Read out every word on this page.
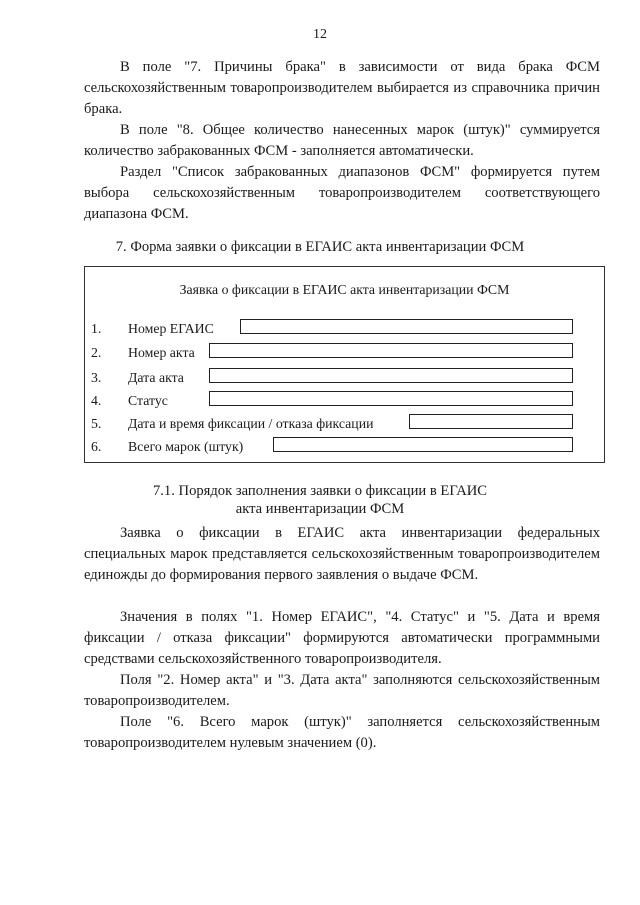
12

В поле "7. Причины брака" в зависимости от вида брака ФСМ сельскохозяйственным товаропроизводителем выбирается из справочника причин брака.

В поле "8. Общее количество нанесенных марок (штук)" суммируется количество забракованных ФСМ - заполняется автоматически.

Раздел "Список забракованных диапазонов ФСМ" формируется путем выбора сельскохозяйственным товаропроизводителем соответствующего диапазона ФСМ.

7. Форма заявки о фиксации в ЕГАИС акта инвентаризации ФСМ
Заявка о фиксации в ЕГАИС акта инвентаризации ФСМ
1. Номер ЕГАИС
2. Номер акта
3. Дата акта
4. Статус
5. Дата и время фиксации / отказа фиксации
6. Всего марок (штук)
7.1. Порядок заполнения заявки о фиксации в ЕГАИС
акта инвентаризации ФСМ

Заявка о фиксации в ЕГАИС акта инвентаризации федеральных специальных марок представляется сельскохозяйственным товаропроизводителем единожды до формирования первого заявления о выдаче ФСМ.

Значения в полях "1. Номер ЕГАИС", "4. Статус" и "5. Дата и время фиксации / отказа фиксации" формируются автоматически программными средствами сельскохозяйственного товаропроизводителя.

Поля "2. Номер акта" и "3. Дата акта" заполняются сельскохозяйственным товаропроизводителем.

Поле "6. Всего марок (штук)" заполняется сельскохозяйственным товаропроизводителем нулевым значением (0).
